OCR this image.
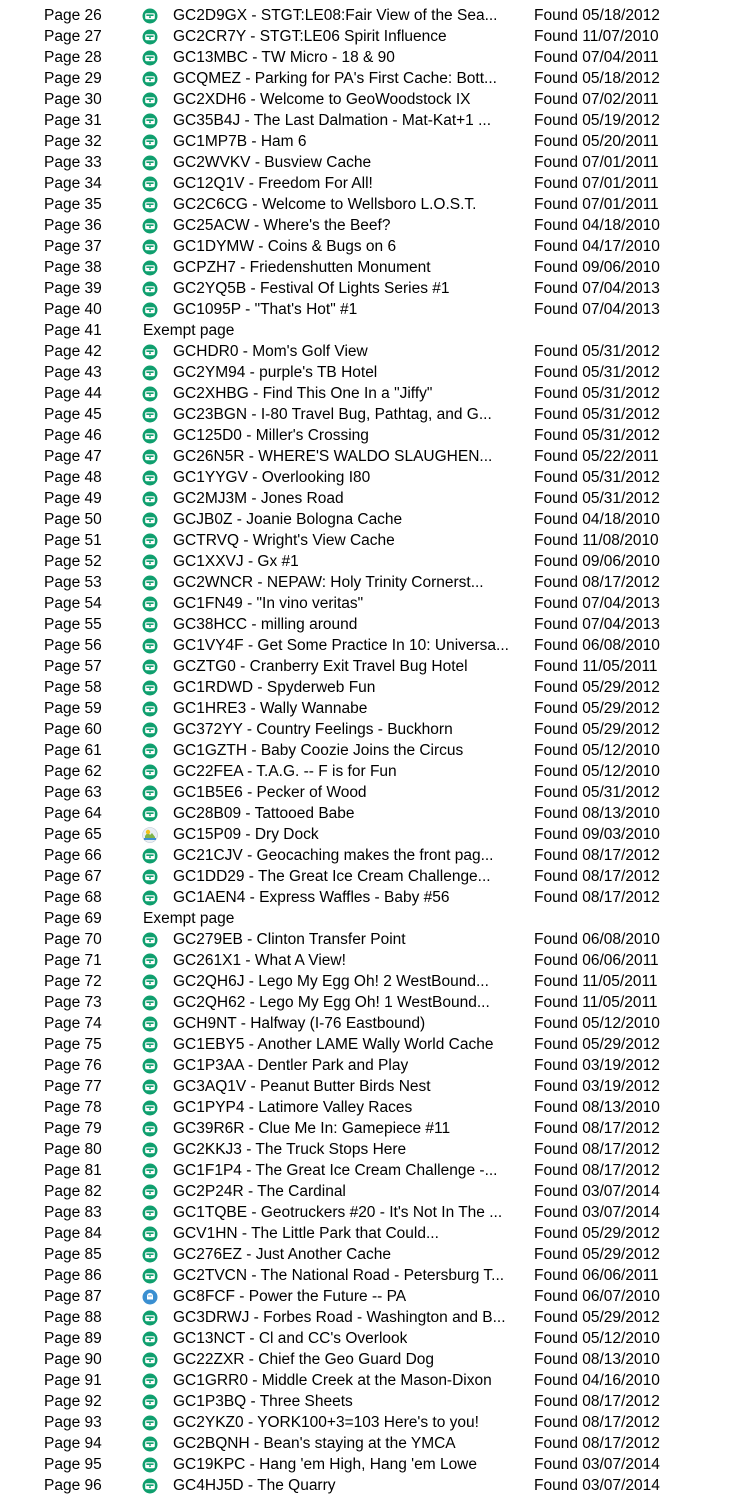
Page 26	GC2D9GX - STGT:LE08:Fair View of the Sea... Found 05/18/2012
Page 27	GC2CR7Y - STGT:LE06 Spirit Influence	Found 11/07/2010
Page 28	GC13MBC - TW Micro - 18 & 90	Found 07/04/2011
Page 29	GCQMEZ - Parking for PA's First Cache: Bott... Found 05/18/2012
Page 30	GC2XDH6 - Welcome to GeoWoodstock IX	Found 07/02/2011
Page 31	GC35B4J - The Last Dalmation - Mat-Kat+1 ...	Found 05/19/2012
Page 32	GC1MP7B - Ham 6	Found 05/20/2011
Page 33	GC2WVKV - Busview Cache	Found 07/01/2011
Page 34	GC12Q1V - Freedom For All!	Found 07/01/2011
Page 35	GC2C6CG - Welcome to Wellsboro L.O.S.T.	Found 07/01/2011
Page 36	GC25ACW - Where's the Beef?	Found 04/18/2010
Page 37	GC1DYMW - Coins & Bugs on 6	Found 04/17/2010
Page 38	GCPZH7 - Friedenshutten Monument	Found 09/06/2010
Page 39	GC2YQ5B - Festival Of Lights Series #1	Found 07/04/2013
Page 40	GC1095P - "That's Hot" #1	Found 07/04/2013
Page 41	Exempt page
Page 42	GCHDR0 - Mom's Golf View	Found 05/31/2012
Page 43	GC2YM94 - purple's TB Hotel	Found 05/31/2012
Page 44	GC2XHBG - Find This One In a "Jiffy"	Found 05/31/2012
Page 45	GC23BGN - I-80 Travel Bug, Pathtag, and G...	Found 05/31/2012
Page 46	GC125D0 - Miller's Crossing	Found 05/31/2012
Page 47	GC26N5R - WHERE'S WALDO SLAUGHEN...	Found 05/22/2011
Page 48	GC1YYGV - Overlooking I80	Found 05/31/2012
Page 49	GC2MJ3M - Jones Road	Found 05/31/2012
Page 50	GCJB0Z - Joanie Bologna Cache	Found 04/18/2010
Page 51	GCTRVQ - Wright's View Cache	Found 11/08/2010
Page 52	GC1XXVJ - Gx #1	Found 09/06/2010
Page 53	GC2WNCR - NEPAW: Holy Trinity Cornerst...	Found 08/17/2012
Page 54	GC1FN49 - "In vino veritas"	Found 07/04/2013
Page 55	GC38HCC - milling around	Found 07/04/2013
Page 56	GC1VY4F - Get Some Practice In 10: Universa... Found 06/08/2010
Page 57	GCZTG0 - Cranberry Exit Travel Bug Hotel	Found 11/05/2011
Page 58	GC1RDWD - Spyderweb Fun	Found 05/29/2012
Page 59	GC1HRE3 - Wally Wannabe	Found 05/29/2012
Page 60	GC372YY - Country Feelings - Buckhorn	Found 05/29/2012
Page 61	GC1GZTH - Baby Coozie Joins the Circus	Found 05/12/2010
Page 62	GC22FEA - T.A.G. -- F is for Fun	Found 05/12/2010
Page 63	GC1B5E6 - Pecker of Wood	Found 05/31/2012
Page 64	GC28B09 - Tattooed Babe	Found 08/13/2010
Page 65	GC15P09 - Dry Dock	Found 09/03/2010
Page 66	GC21CJV - Geocaching makes the front pag...	Found 08/17/2012
Page 67	GC1DD29 - The Great Ice Cream Challenge...	Found 08/17/2012
Page 68	GC1AEN4 - Express Waffles - Baby #56	Found 08/17/2012
Page 69	Exempt page
Page 70	GC279EB - Clinton Transfer Point	Found 06/08/2010
Page 71	GC261X1 - What A View!	Found 06/06/2011
Page 72	GC2QH6J - Lego My Egg Oh! 2 WestBound...	Found 11/05/2011
Page 73	GC2QH62 - Lego My Egg Oh! 1 WestBound...	Found 11/05/2011
Page 74	GCH9NT - Halfway (I-76 Eastbound)	Found 05/12/2010
Page 75	GC1EBY5 - Another LAME Wally World Cache	Found 05/29/2012
Page 76	GC1P3AA - Dentler Park and Play	Found 03/19/2012
Page 77	GC3AQ1V - Peanut Butter Birds Nest	Found 03/19/2012
Page 78	GC1PYP4 - Latimore Valley Races	Found 08/13/2010
Page 79	GC39R6R - Clue Me In: Gamepiece #11	Found 08/17/2012
Page 80	GC2KKJ3 - The Truck Stops Here	Found 08/17/2012
Page 81	GC1F1P4 - The Great Ice Cream Challenge -... Found 08/17/2012
Page 82	GC2P24R - The Cardinal	Found 03/07/2014
Page 83	GC1TQBE - Geotruckers #20 - It's Not In The ... Found 03/07/2014
Page 84	GCV1HN - The Little Park that Could...	Found 05/29/2012
Page 85	GC276EZ - Just Another Cache	Found 05/29/2012
Page 86	GC2TVCN - The National Road - Petersburg T... Found 06/06/2011
Page 87	GC8FCF - Power the Future -- PA	Found 06/07/2010
Page 88	GC3DRWJ - Forbes Road - Washington and B... Found 05/29/2012
Page 89	GC13NCT - Cl and CC's Overlook	Found 05/12/2010
Page 90	GC22ZXR - Chief the Geo Guard Dog	Found 08/13/2010
Page 91	GC1GRR0 - Middle Creek at the Mason-Dixon	Found 04/16/2010
Page 92	GC1P3BQ - Three Sheets	Found 08/17/2012
Page 93	GC2YKZ0 - YORK100+3=103 Here's to you!	Found 08/17/2012
Page 94	GC2BQNH - Bean's staying at the YMCA	Found 08/17/2012
Page 95	GC19KPC - Hang 'em High, Hang 'em Lowe	Found 03/07/2014
Page 96	GC4HJ5D - The Quarry	Found 03/07/2014
